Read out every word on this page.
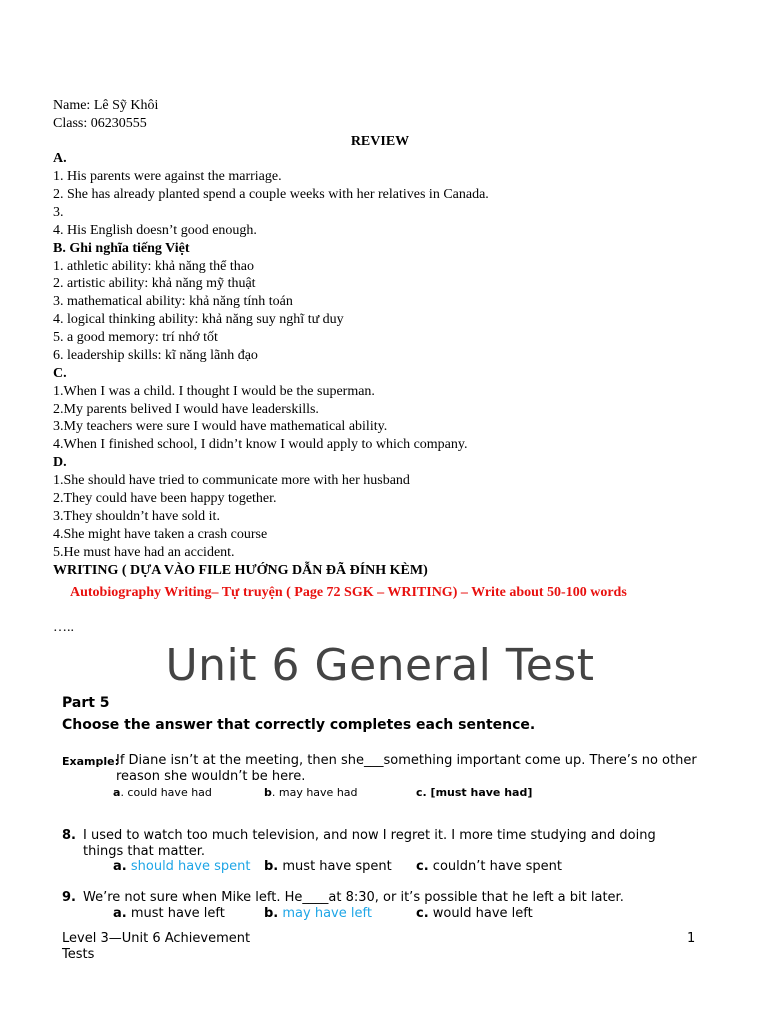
Name: Lê Sỹ Khôi
Class: 06230555
REVIEW
A.
1. His parents were against the marriage.
2. She has already planted spend a couple weeks with her relatives in Canada.
3.
4. His English doesn’t good enough.
B. Ghi nghĩa tiếng Việt
1. athletic ability: khả năng thể thao
2. artistic ability: khả năng mỹ thuật
3. mathematical ability: khả năng tính toán
4. logical thinking ability: khả năng suy nghĩ tư duy
5. a good memory: trí nhớ tốt
6. leadership skills: kĩ năng lãnh đạo
C.
1.When I was a child. I thought I would be the superman.
2.My parents belived I would have leaderskills.
3.My teachers were sure I would have mathematical ability.
4.When I finished school, I didn’t know I would apply to which company.
D.
1.She should have tried to communicate more with her husband
2.They could have been happy together.
3.They shouldn’t have sold it.
4.She might have taken a crash course
5.He must have had an accident.
WRITING ( DỰA VÀO FILE HƯỚNG DẪN ĐÃ ĐÍNH KÈM)
Autobiography Writing– Tự truyện ( Page 72 SGK – WRITING) – Write about 50-100 words
…..
Unit 6 General Test
Part 5
Choose the answer that correctly completes each sentence.
Example:
If Diane isn’t at the meeting, then she___something important come up. There’s no other
reason she wouldn’t be here.
a. could have had	b. may have had	c. [must have had]
8. I used to watch too much television, and now I regret it. I more time studying and doing
things that matter.
a. should have spent b. must have spent c. couldn’t have spent
9. We’re not sure when Mike left. He____at 8:30, or it’s possible that he left a bit later.
a. must have left	b. may have left	c. would have left
Level 3—Unit 6 Achievement
Tests
1
